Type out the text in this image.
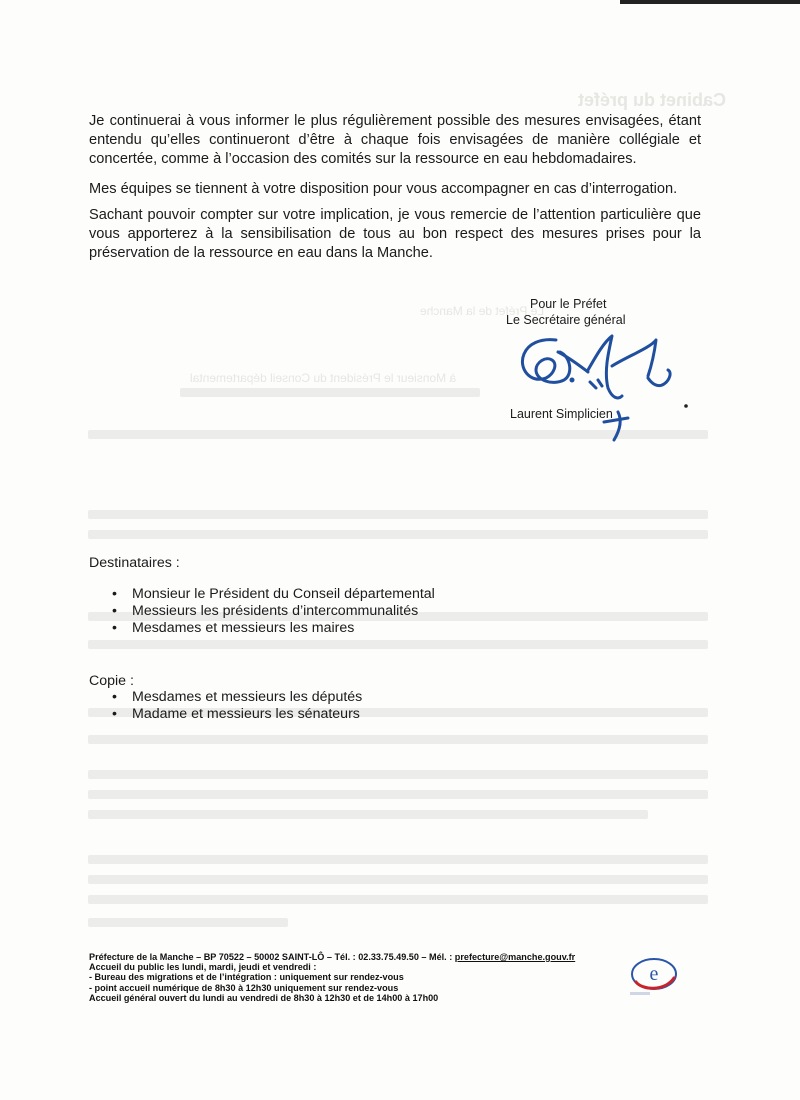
Cabinet du préfet
Le Préfet de la Manche
à Monsieur le Président du Conseil départemental

Je continuerai à vous informer le plus régulièrement possible des mesures envisagées, étant entendu qu’elles continueront d’être à chaque fois envisagées de manière collégiale et concertée, comme à l’occasion des comités sur la ressource en eau hebdomadaires.

Mes équipes se tiennent à votre disposition pour vous accompagner en cas d’interrogation.

Sachant pouvoir compter sur votre implication, je vous remercie de l’attention particulière que vous apporterez à la sensibilisation de tous au bon respect des mesures prises pour la préservation de la ressource en eau dans la Manche.

Pour le Préfet
Le Secrétaire général
Laurent Simplicien

Destinataires :

• Monsieur le Président du Conseil départemental
• Messieurs les présidents d’intercommunalités
• Mesdames et messieurs les maires

Copie :

• Mesdames et messieurs les députés
• Madame et messieurs les sénateurs
Préfecture de la Manche – BP 70522 – 50002 SAINT-LÔ – Tél. : 02.33.75.49.50 – Mél. : prefecture@manche.gouv.fr
Accueil du public les lundi, mardi, jeudi et vendredi :
- Bureau des migrations et de l’intégration : uniquement sur rendez-vous
- point accueil numérique de 8h30 à 12h30 uniquement sur rendez-vous
Accueil général ouvert du lundi au vendredi de 8h30 à 12h30 et de 14h00 à 17h00
e
